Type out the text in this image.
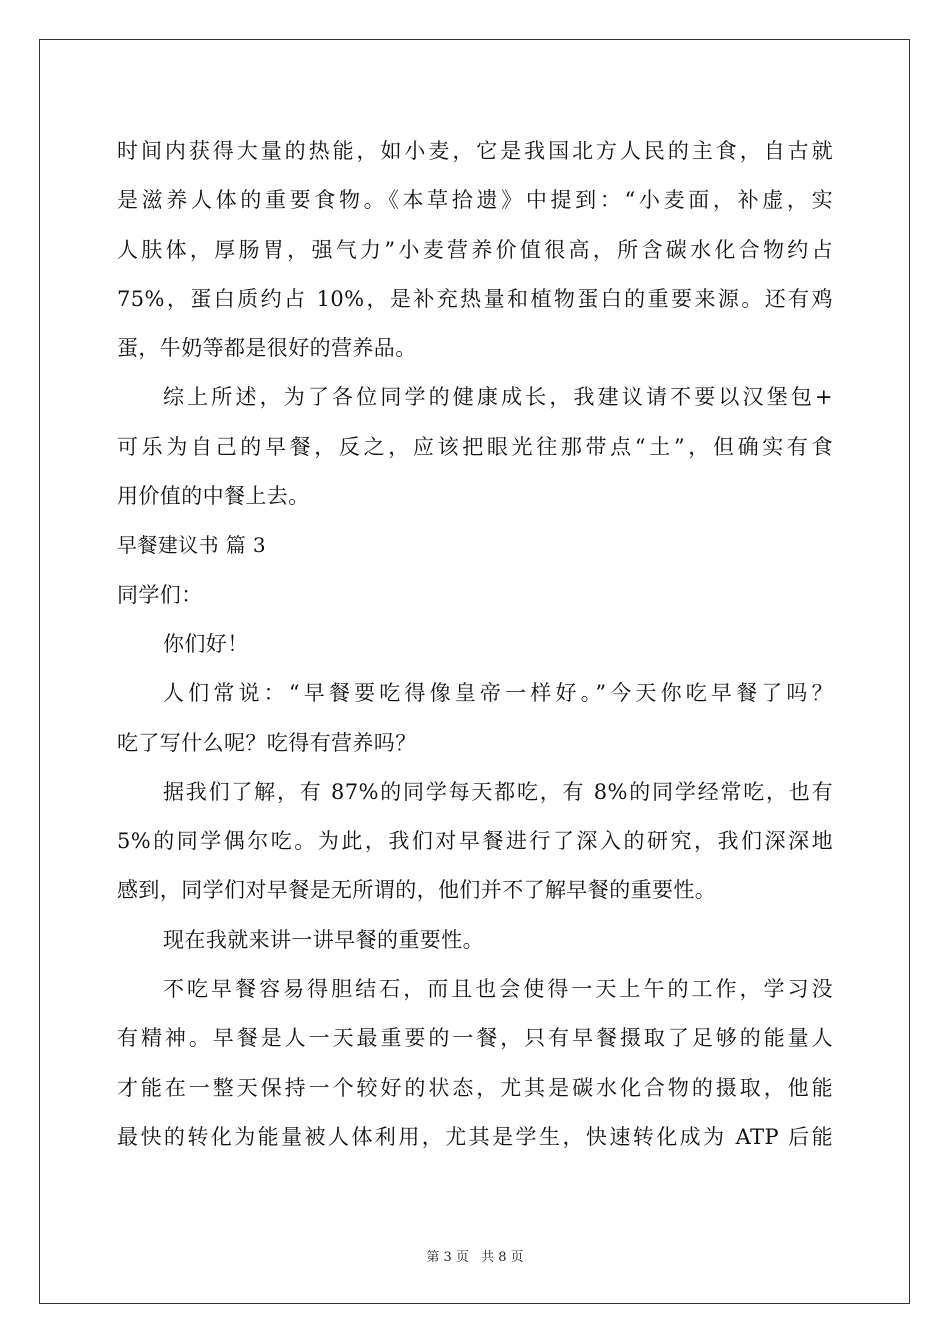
时间内获得大量的热能，如小麦，它是我国北方人民的主食，自古就
是滋养人体的重要食物。《本草拾遗》中提到：“小麦面，补虚，实
人肤体，厚肠胃，强气力”小麦营养价值很高，所含碳水化合物约占
75%，蛋白质约占 10%，是补充热量和植物蛋白的重要来源。还有鸡
蛋，牛奶等都是很好的营养品。
综上所述，为了各位同学的健康成长，我建议请不要以汉堡包+
可乐为自己的早餐，反之，应该把眼光往那带点“土”，但确实有食
用价值的中餐上去。
早餐建议书 篇 3
同学们：
你们好！
人们常说：“早餐要吃得像皇帝一样好。”今天你吃早餐了吗？
吃了写什么呢？吃得有营养吗？
据我们了解，有 87%的同学每天都吃，有 8%的同学经常吃，也有
5%的同学偶尔吃。为此，我们对早餐进行了深入的研究，我们深深地
感到，同学们对早餐是无所谓的，他们并不了解早餐的重要性。
现在我就来讲一讲早餐的重要性。
不吃早餐容易得胆结石，而且也会使得一天上午的工作，学习没
有精神。早餐是人一天最重要的一餐，只有早餐摄取了足够的能量人
才能在一整天保持一个较好的状态，尤其是碳水化合物的摄取，他能
最快的转化为能量被人体利用，尤其是学生，快速转化成为 ATP 后能
第 3 页 共 8 页
